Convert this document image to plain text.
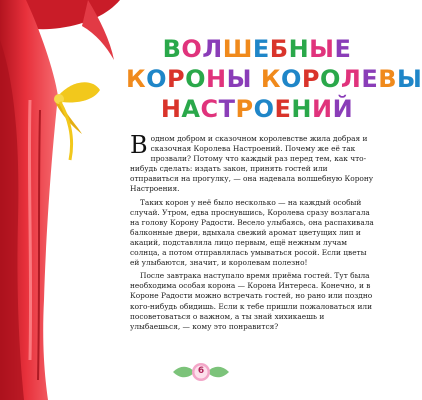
ВОЛШЕБНЫЕ
КОРОНЫ КОРОЛЕВЫ
НАСТРОЕНИЙ

Водном добром и сказочном королевстве жила добрая и сказочная Королева Настроений. Почему же её так прозвали? Потому что каждый раз перед тем, как что-нибудь сделать: издать закон, принять гостей или отправиться на прогулку, — она надевала волшебную Корону Настроения.

Таких корон у неё было несколько — на каждый особый случай. Утром, едва проснувшись, Королева сразу возлагала на голову Корону Радости. Весело улыбаясь, она распахивала балконные двери, вдыхала свежий аромат цветущих лип и акаций, подставляла лицо первым, ещё нежным лучам солнца, а потом отправлялась умываться росой. Если цветы ей улыбаются, значит, и королевам полезно!

После завтрака наступало время приёма гостей. Тут была необходима особая корона — Корона Интереса. Конечно, и в Короне Радости можно встречать гостей, но рано или поздно кого-нибудь обидишь. Если к тебе пришли пожаловаться или посоветоваться о важном, а ты знай хихикаешь и улыбаешься, — кому это понравится?

6
